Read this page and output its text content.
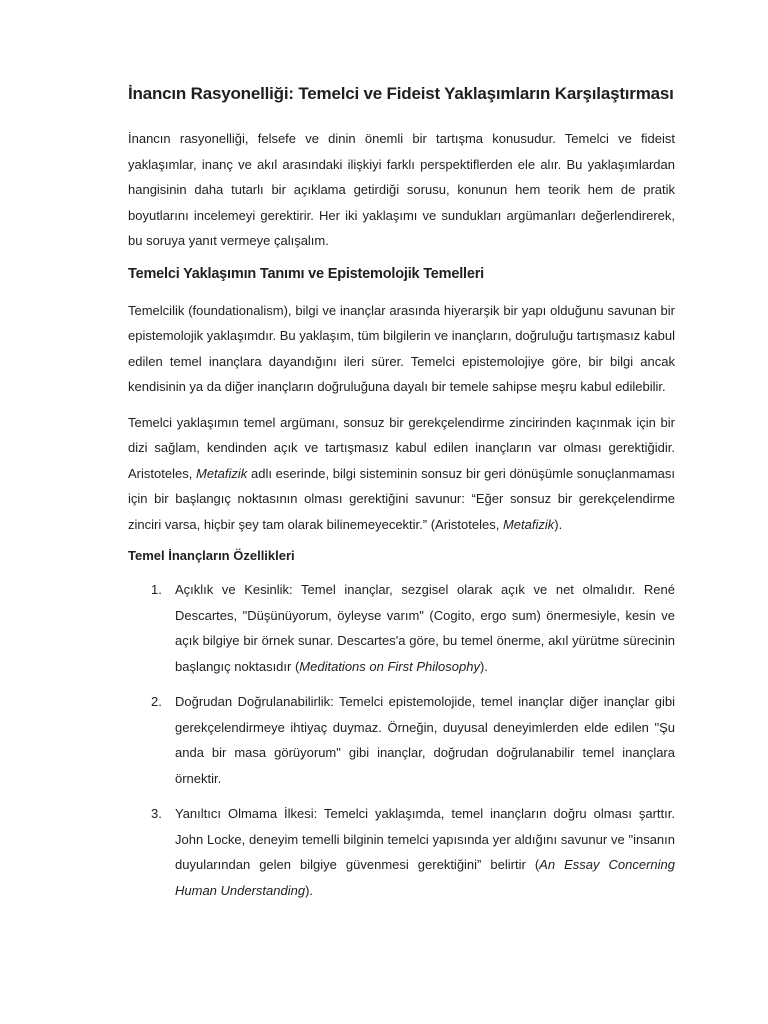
İnancın Rasyonelliği: Temelci ve Fideist Yaklaşımların Karşılaştırması

İnancın rasyonelliği, felsefe ve dinin önemli bir tartışma konusudur. Temelci ve fideist yaklaşımlar, inanç ve akıl arasındaki ilişkiyi farklı perspektiflerden ele alır. Bu yaklaşımlardan hangisinin daha tutarlı bir açıklama getirdiği sorusu, konunun hem teorik hem de pratik boyutlarını incelemeyi gerektirir. Her iki yaklaşımı ve sundukları argümanları değerlendirerek, bu soruya yanıt vermeye çalışalım.

Temelci Yaklaşımın Tanımı ve Epistemolojik Temelleri

Temelcilik (foundationalism), bilgi ve inançlar arasında hiyerarşik bir yapı olduğunu savunan bir epistemolojik yaklaşımdır. Bu yaklaşım, tüm bilgilerin ve inançların, doğruluğu tartışmasız kabul edilen temel inançlara dayandığını ileri sürer. Temelci epistemolojiye göre, bir bilgi ancak kendisinin ya da diğer inançların doğruluğuna dayalı bir temele sahipse meşru kabul edilebilir.

Temelci yaklaşımın temel argümanı, sonsuz bir gerekçelendirme zincirinden kaçınmak için bir dizi sağlam, kendinden açık ve tartışmasız kabul edilen inançların var olması gerektiğidir. Aristoteles, Metafizik adlı eserinde, bilgi sisteminin sonsuz bir geri dönüşümle sonuçlanmaması için bir başlangıç noktasının olması gerektiğini savunur: “Eğer sonsuz bir gerekçelendirme zinciri varsa, hiçbir şey tam olarak bilinemeyecektir.” (Aristoteles, Metafizik).

Temel İnançların Özellikleri
1. Açıklık ve Kesinlik: Temel inançlar, sezgisel olarak açık ve net olmalıdır. René Descartes, "Düşünüyorum, öyleyse varım" (Cogito, ergo sum) önermesiyle, kesin ve açık bilgiye bir örnek sunar. Descartes'a göre, bu temel önerme, akıl yürütme sürecinin başlangıç noktasıdır (Meditations on First Philosophy).
2. Doğrudan Doğrulanabilirlik: Temelci epistemolojide, temel inançlar diğer inançlar gibi gerekçelendirmeye ihtiyaç duymaz. Örneğin, duyusal deneyimlerden elde edilen "Şu anda bir masa görüyorum" gibi inançlar, doğrudan doğrulanabilir temel inançlara örnektir.
3. Yanıltıcı Olmama İlkesi: Temelci yaklaşımda, temel inançların doğru olması şarttır. John Locke, deneyim temelli bilginin temelci yapısında yer aldığını savunur ve "insanın duyularından gelen bilgiye güvenmesi gerektiğini” belirtir (An Essay Concerning Human Understanding).
